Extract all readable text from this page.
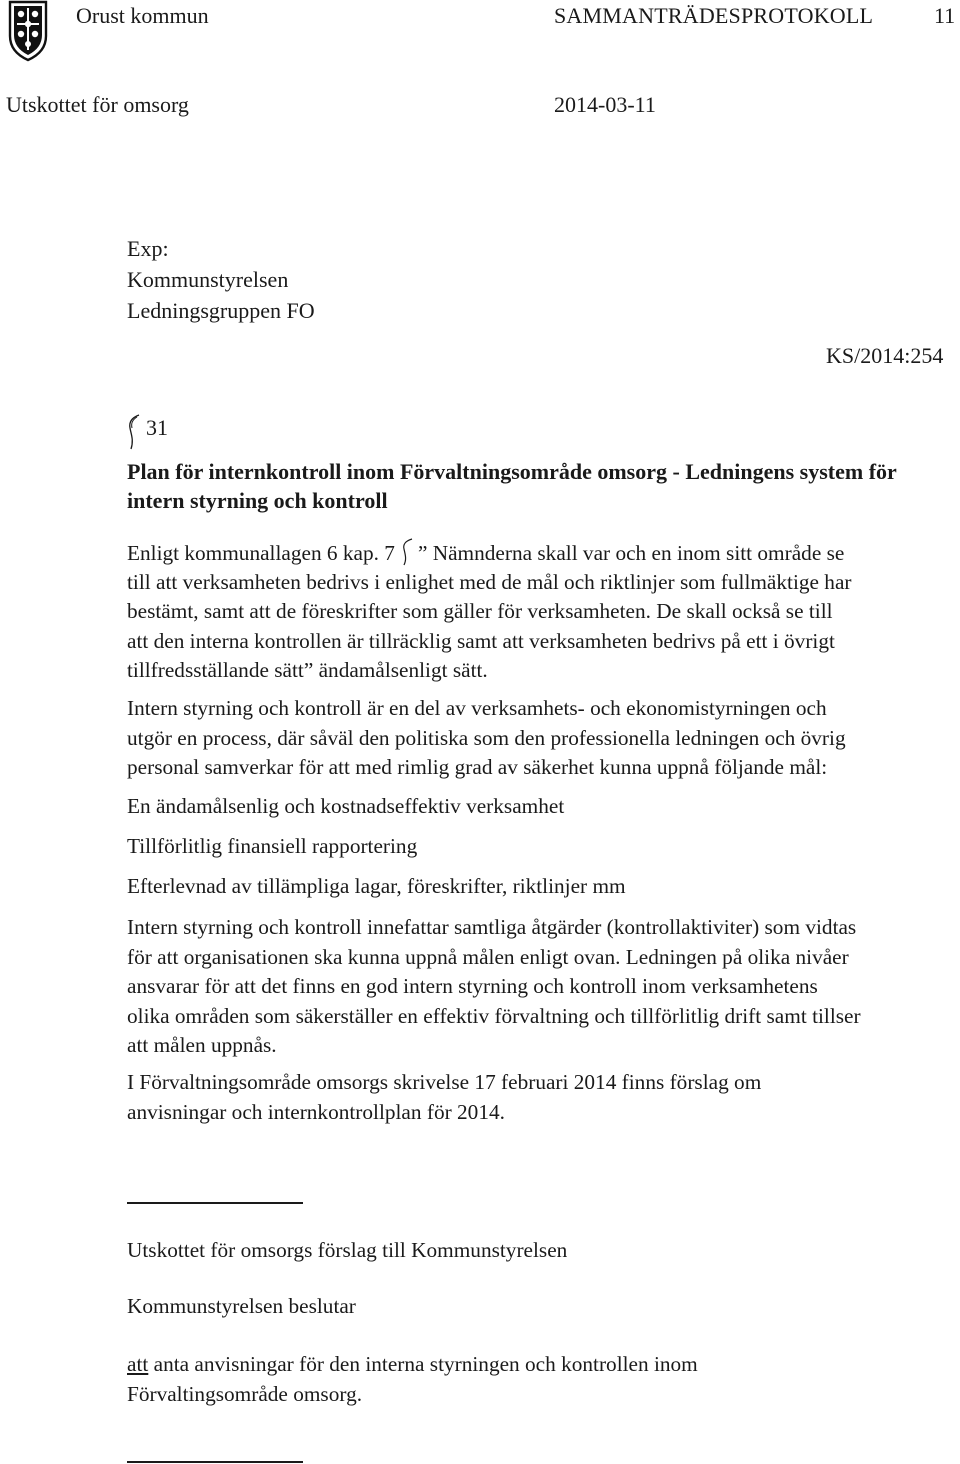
Orust kommun	SAMMANTRÄDESPROTOKOLL	11
Utskottet för omsorg	2014-03-11
Exp:
Kommunstyrelsen
Ledningsgruppen FO
KS/2014:254
31
Plan för internkontroll inom Förvaltningsområde omsorg - Ledningens system för intern styrning och kontroll
Enligt kommunallagen 6 kap. 7 ” Nämnderna skall var och en inom sitt område se
till att verksamheten bedrivs i enlighet med de mål och riktlinjer som fullmäktige har
bestämt, samt att de föreskrifter som gäller för verksamheten. De skall också se till
att den interna kontrollen är tillräcklig samt att verksamheten bedrivs på ett i övrigt
tillfredsställande sätt” ändamålsenligt sätt.
Intern styrning och kontroll är en del av verksamhets- och ekonomistyrningen och
utgör en process, där såväl den politiska som den professionella ledningen och övrig
personal samverkar för att med rimlig grad av säkerhet kunna uppnå följande mål:
En ändamålsenlig och kostnadseffektiv verksamhet
Tillförlitlig finansiell rapportering
Efterlevnad av tillämpliga lagar, föreskrifter, riktlinjer mm
Intern styrning och kontroll innefattar samtliga åtgärder (kontrollaktiviter) som vidtas
för att organisationen ska kunna uppnå målen enligt ovan. Ledningen på olika nivåer
ansvarar för att det finns en god intern styrning och kontroll inom verksamhetens
olika områden som säkerställer en effektiv förvaltning och tillförlitlig drift samt tillser
att målen uppnås.
I Förvaltningsområde omsorgs skrivelse 17 februari 2014 finns förslag om
anvisningar och internkontrollplan för 2014.
Utskottet för omsorgs förslag till Kommunstyrelsen
Kommunstyrelsen beslutar
att anta anvisningar för den interna styrningen och kontrollen inom
Förvaltingsområde omsorg.
